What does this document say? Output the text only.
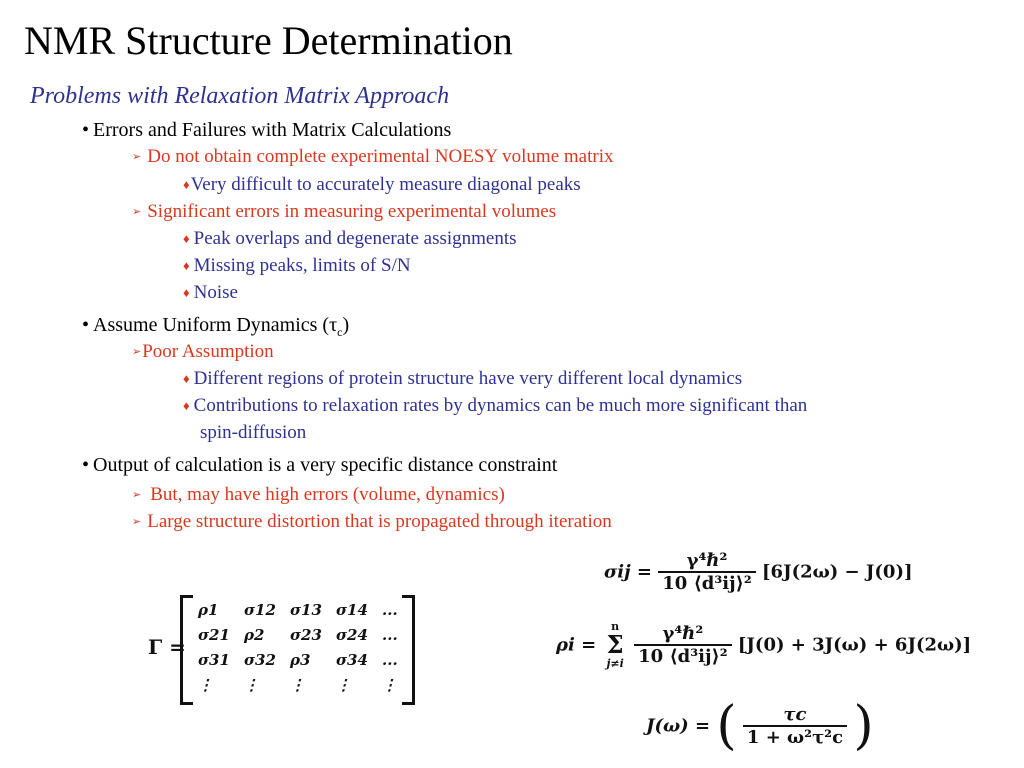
NMR Structure Determination
Problems with Relaxation Matrix Approach
• Errors and Failures with Matrix Calculations
➢ Do not obtain complete experimental NOESY volume matrix
♦Very difficult to accurately measure diagonal peaks
➢ Significant errors in measuring experimental volumes
♦ Peak overlaps and degenerate assignments
♦ Missing peaks, limits of S/N
♦ Noise
• Assume Uniform Dynamics $(\tau_c)$
➢Poor Assumption
♦ Different regions of protein structure have very different local dynamics
♦ Contributions to relaxation rates by dynamics can be much more significant than
spin-diffusion
• Output of calculation is a very specific distance constraint
➢ But, may have high errors (volume, dynamics)
➢ Large structure distortion that is propagated through iteration
Γ =
ρ1	σ12	σ13	σ14	...
σ21	ρ2	σ23	σ24	...
σ31	σ32	ρ3	σ34	...
⋮	⋮	⋮	⋮	⋮
$\sigma ij = \frac{\text{γ⁴ℏ²}}{\text{10 ⟨d³ij⟩²}} [6J(2\omega) - J(0)]$
ρi =
n
Σ
j≠i
$\frac{\text{γ⁴ℏ²}}{\text{10 ⟨d³ij⟩²}} [J(0) + 3J(\omega) + 6J(2\omega)]$
J(ω) = ( $\frac{\tau c}{\text{1 + ω²τ²c}}$ )
